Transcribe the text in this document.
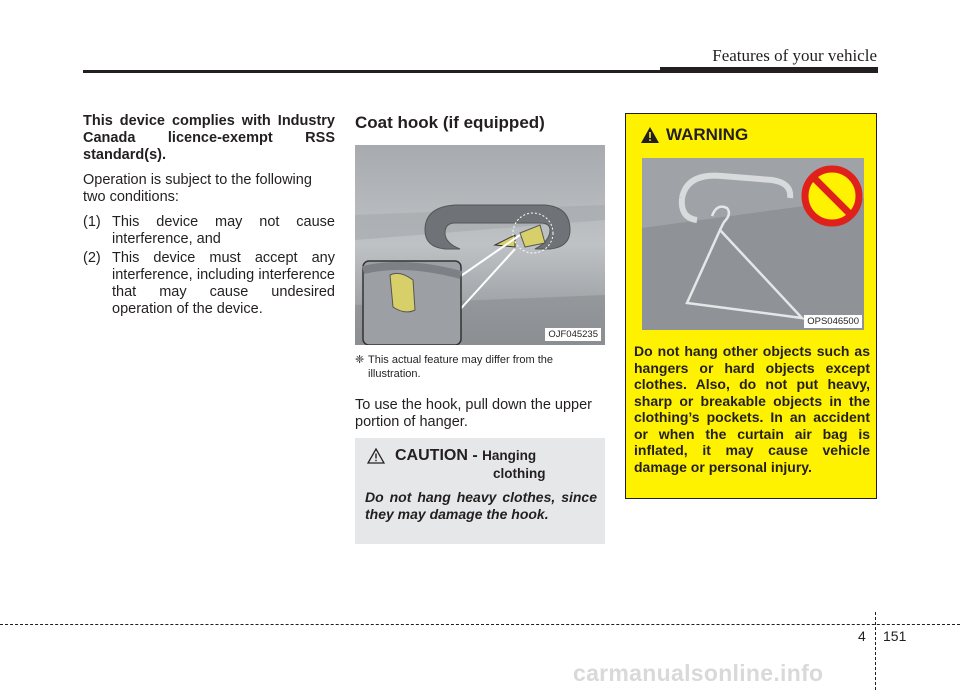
Features of your vehicle

This device complies with Industry Canada licence-exempt RSS standard(s).

Operation is subject to the following two conditions:

(1) This device may not cause interference, and
(2) This device must accept any interference, including interference that may cause undesired operation of the device.
Coat hook (if equipped)
OJF045235
❈ This actual feature may differ from the illustration.
To use the hook, pull down the upper portion of hanger.
CAUTION - Hanging
clothing
Do not hang heavy clothes, since they may damage the hook.
WARNING
OPS046500
Do not hang other objects such as hangers or hard objects except clothes. Also, do not put heavy, sharp or breakable objects in the clothing’s pockets. In an accident or when the curtain air bag is inflated, it may cause vehicle damage or personal injury.
4 151
carmanualsonline.info
